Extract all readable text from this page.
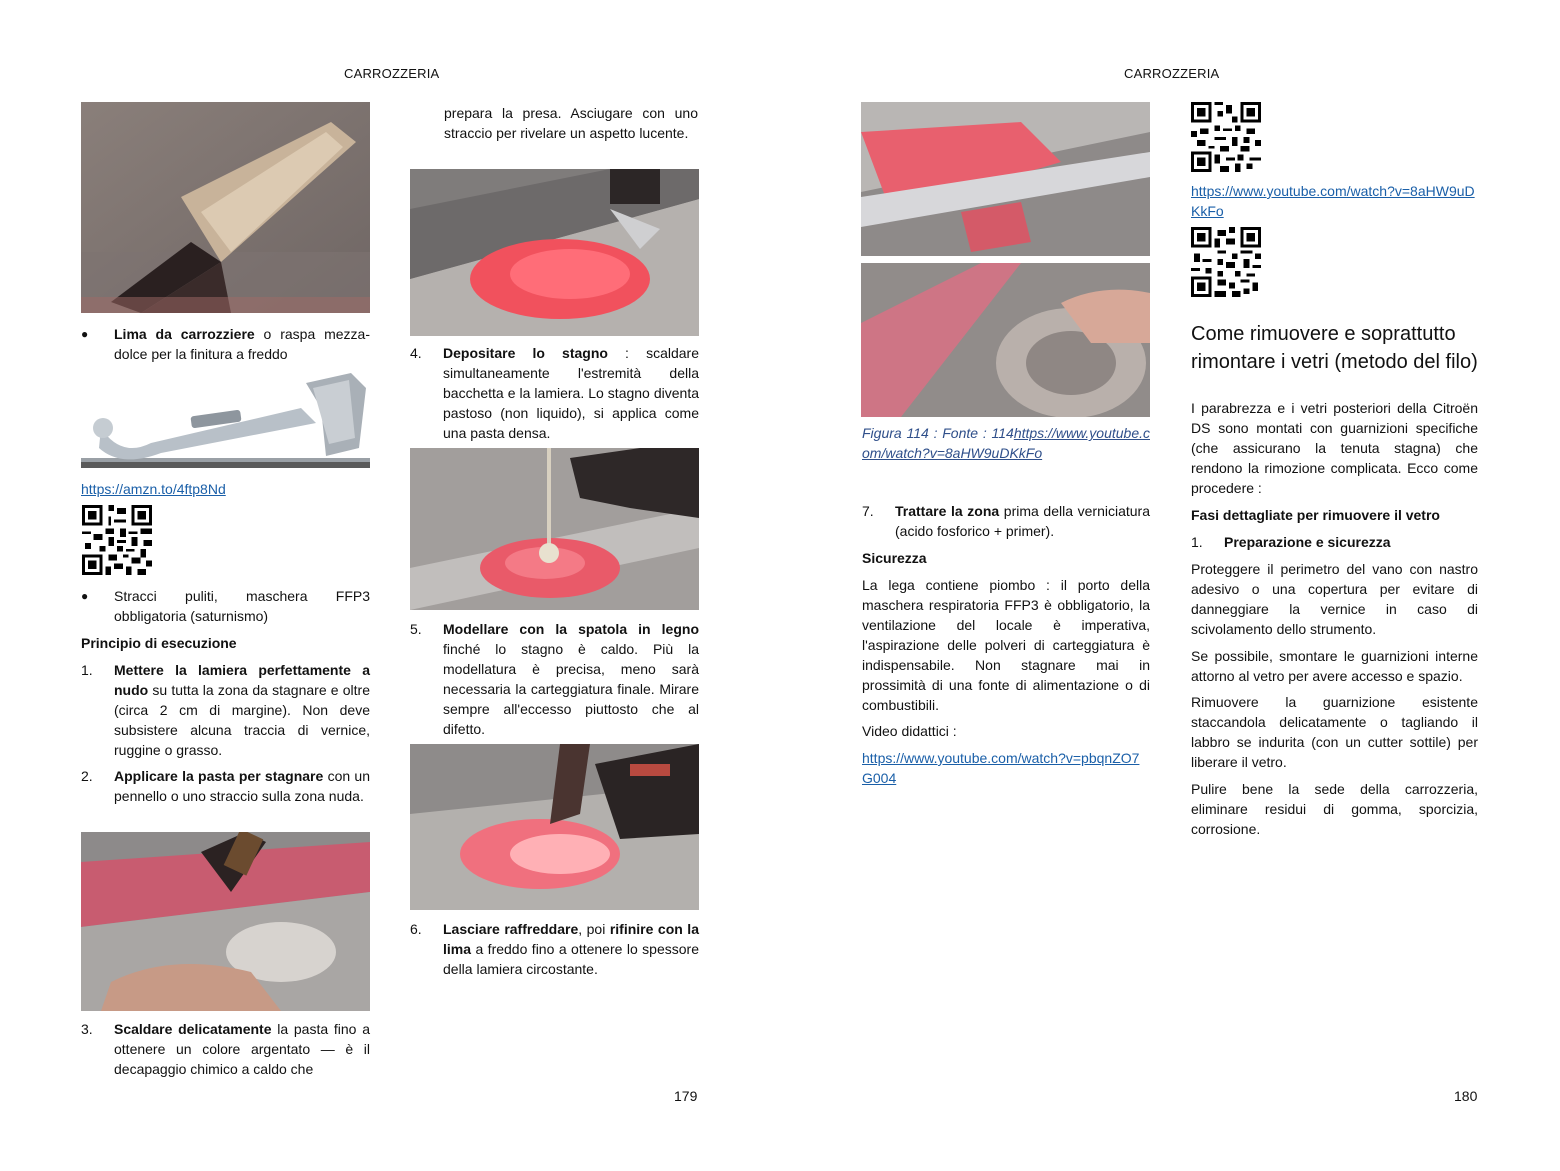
CARROZZERIA
● Lima da carrozziere o raspa mezza-dolce per la finitura a freddo
https://amzn.to/4ftp8Nd
● Stracci puliti, maschera FFP3 obbligatoria (saturnismo)
Principio di esecuzione
1. Mettere la lamiera perfettamente a nudo su tutta la zona da stagnare e oltre (circa 2 cm di margine). Non deve subsistere alcuna traccia di vernice, ruggine o grasso.
2. Applicare la pasta per stagnare con un pennello o uno straccio sulla zona nuda.
3. Scaldare delicatamente la pasta fino a ottenere un colore argentato — è il decapaggio chimico a caldo che
prepara la presa. Asciugare con uno straccio per rivelare un aspetto lucente.
4. Depositare lo stagno : scaldare simultaneamente l'estremità della bacchetta e la lamiera. Lo stagno diventa pastoso (non liquido), si applica come una pasta densa.
5. Modellare con la spatola in legno finché lo stagno è caldo. Più la modellatura è precisa, meno sarà necessaria la carteggiatura finale. Mirare sempre all'eccesso piuttosto che al difetto.
6. Lasciare raffreddare, poi rifinire con la lima a freddo fino a ottenere lo spessore della lamiera circostante.
179
CARROZZERIA
Figura 114 : Fonte : 114https://www.youtube.com/watch?v=8aHW9uDKkFo
7. Trattare la zona prima della verniciatura (acido fosforico + primer).
Sicurezza
La lega contiene piombo : il porto della maschera respiratoria FFP3 è obbligatorio, la ventilazione del locale è imperativa, l'aspirazione delle polveri di carteggiatura è indispensabile. Non stagnare mai in prossimità di una fonte di alimentazione o di combustibili.
Video didattici :
https://www.youtube.com/watch?v=pbqnZO7G004
https://www.youtube.com/watch?v=8aHW9uDKkFo
Come rimuovere e soprattutto rimontare i vetri (metodo del filo)
I parabrezza e i vetri posteriori della Citroën DS sono montati con guarnizioni specifiche (che assicurano la tenuta stagna) che rendono la rimozione complicata. Ecco come procedere :
Fasi dettagliate per rimuovere il vetro
1. Preparazione e sicurezza
Proteggere il perimetro del vano con nastro adesivo o una copertura per evitare di danneggiare la vernice in caso di scivolamento dello strumento.
Se possibile, smontare le guarnizioni interne attorno al vetro per avere accesso e spazio.
Rimuovere la guarnizione esistente staccandola delicatamente o tagliando il labbro se indurita (con un cutter sottile) per liberare il vetro.
Pulire bene la sede della carrozzeria, eliminare residui di gomma, sporcizia, corrosione.
180
